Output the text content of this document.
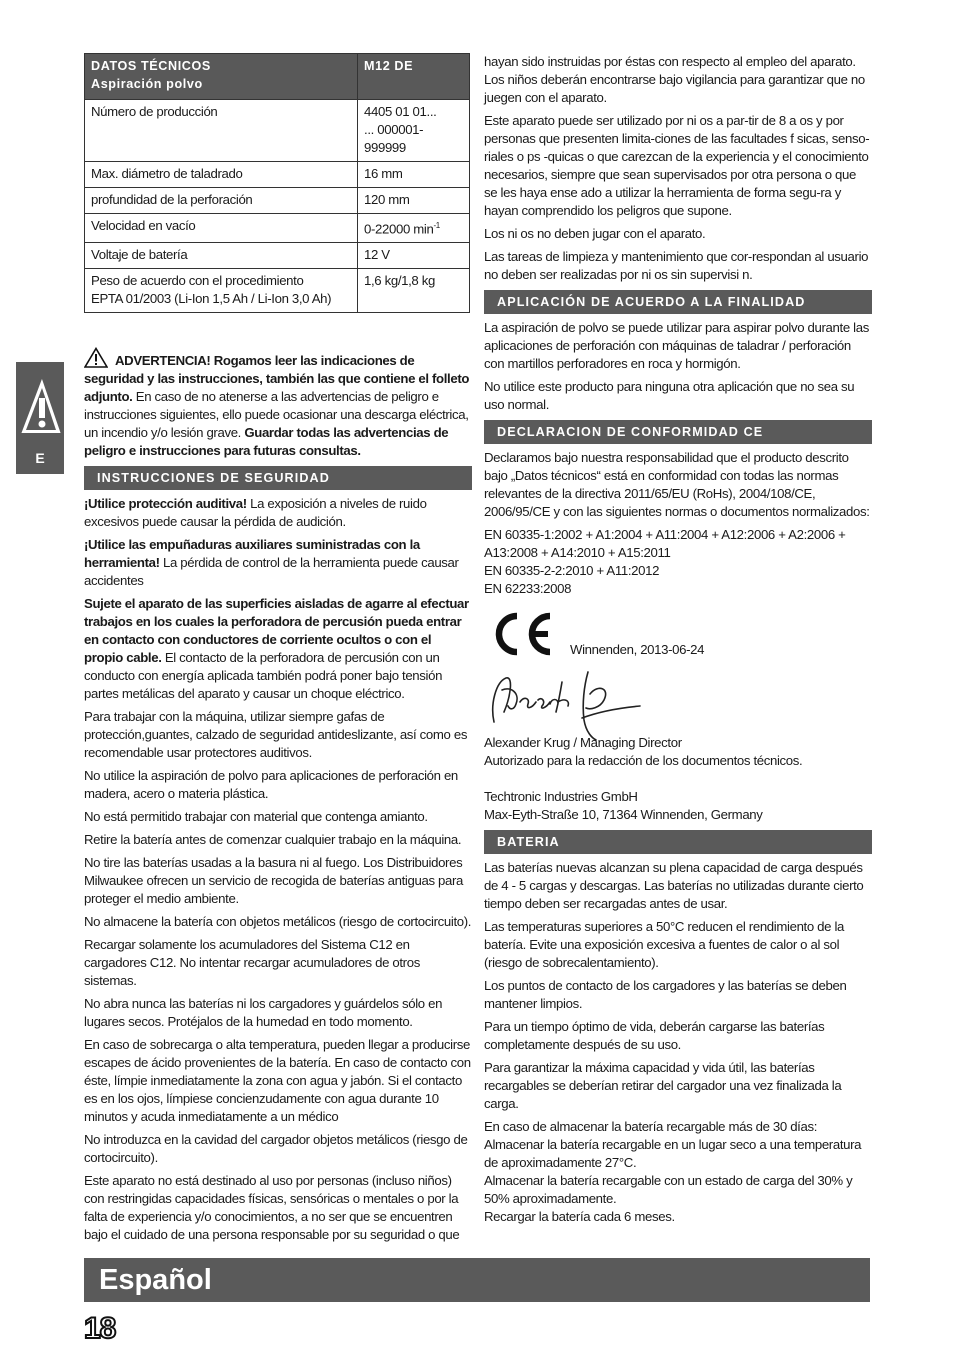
E
DATOS TÉCNICOS
Aspiración polvo	M12 DE
Número de producción	4405 01 01...
... 000001-999999
Max. diámetro de taladrado	16 mm
profundidad de la perforación	120 mm
Velocidad en vacío	0-22000 $\min^{-1}$
Voltaje de batería	12 V
Peso de acuerdo con el procedimiento
EPTA 01/2003 (Li-Ion 1,5 Ah / Li-Ion 3,0 Ah)	1,6 kg/1,8 kg

ADVERTENCIA! Rogamos leer las indicaciones de seguridad y las instrucciones, también las que contiene el folleto adjunto. En caso de no atenerse a las advertencias de peligro e instrucciones siguientes, ello puede ocasionar una descarga eléctrica, un incendio y/o lesión grave. Guardar todas las advertencias de peligro e instrucciones para futuras consultas.

INSTRUCCIONES DE SEGURIDAD

¡Utilice protección auditiva! La exposición a niveles de ruido excesivos puede causar la pérdida de audición.

¡Utilice las empuñaduras auxiliares suministradas con la herramienta! La pérdida de control de la herramienta puede causar accidentes

Sujete el aparato de las superficies aisladas de agarre al efectuar trabajos en los cuales la perforadora de percusión pueda entrar en contacto con conductores de corriente ocultos o con el propio cable. El contacto de la perforadora de percusión con un conducto con energía aplicada también podrá poner bajo tensión partes metálicas del aparato y causar un choque eléctrico.

Para trabajar con la máquina, utilizar siempre gafas de protección,guantes, calzado de seguridad antideslizante, así como es recomendable usar protectores auditivos.

No utilice la aspiración de polvo para aplicaciones de perforación en madera, acero o materia plástica.

No está permitido trabajar con material que contenga amianto.

Retire la batería antes de comenzar cualquier trabajo en la máquina.

No tire las baterías usadas a la basura ni al fuego. Los Distribuidores Milwaukee ofrecen un servicio de recogida de baterías antiguas para proteger el medio ambiente.

No almacene la batería con objetos metálicos (riesgo de cortocircuito).

Recargar solamente los acumuladores del Sistema C12 en cargadores C12. No intentar recargar acumuladores de otros sistemas.

No abra nunca las baterías ni los cargadores y guárdelos sólo en lugares secos. Protéjalos de la humedad en todo momento.

En caso de sobrecarga o alta temperatura, pueden llegar a producirse escapes de ácido provenientes de la batería. En caso de contacto con éste, límpie inmediatamente la zona con agua y jabón. Si el contacto es en los ojos, límpiese concienzudamente con agua durante 10 minutos y acuda inmediatamente a un médico

No introduzca en la cavidad del cargador objetos metálicos (riesgo de cortocircuito).

Este aparato no está destinado al uso por personas (incluso niños) con restringidas capacidades físicas, sensóricas o mentales o por la falta de experiencia y/o conocimientos, a no ser que se encuentren bajo el cuidado de una persona responsable por su seguridad o que

hayan sido instruidas por éstas con respecto al empleo del aparato. Los niños deberán encontrarse bajo vigilancia para garantizar que no juegen con el aparato.

Este aparato puede ser utilizado por ni os a par-tir de 8 a os y por personas que presenten limita-ciones de las facultades f sicas, senso-riales o ps -quicas o que carezcan de la experiencia y el conocimiento necesarios, siempre que sean supervisados por otra persona o que se les haya ense ado a utilizar la herramienta de forma segu-ra y hayan comprendido los peligros que supone.

Los ni os no deben jugar con el aparato.

Las tareas de limpieza y mantenimiento que cor-respondan al usuario no deben ser realizadas por ni os sin supervisi n.

APLICACIÓN DE ACUERDO A LA FINALIDAD

La aspiración de polvo se puede utilizar para aspirar polvo durante las aplicaciones de perforación con máquinas de taladrar / perforación con martillos perforadores en roca y hormigón.

No utilice este producto para ninguna otra aplicación que no sea su uso normal.

DECLARACION DE CONFORMIDAD CE

Declaramos bajo nuestra responsabilidad que el producto descrito bajo „Datos técnicos“ está en conformidad con todas las normas relevantes de la directiva 2011/65/EU (RoHs), 2004/108/CE, 2006/95/CE y con las siguientes normas o documentos normalizados:

EN 60335-1:2002 + A1:2004 + A11:2004 + A12:2006 + A2:2006 + A13:2008 + A14:2010 + A15:2011
EN 60335-2-2:2010 + A11:2012
EN 62233:2008

Winnenden, 2013-06-24

Alexander Krug / Managing Director
Autorizado para la redacción de los documentos técnicos.

Techtronic Industries GmbH
Max-Eyth-Straße 10, 71364 Winnenden, Germany

BATERIA

Las baterías nuevas alcanzan su plena capacidad de carga después de 4 - 5 cargas y descargas. Las baterías no utilizadas durante cierto tiempo deben ser recargadas antes de usar.

Las temperaturas superiores a 50°C reducen el rendimiento de la batería. Evite una exposición excesiva a fuentes de calor o al sol (riesgo de sobrecalentamiento).

Los puntos de contacto de los cargadores y las baterías se deben mantener limpios.

Para un tiempo óptimo de vida, deberán cargarse las baterías completamente después de su uso.

Para garantizar la máxima capacidad y vida útil, las baterías recargables se deberían retirar del cargador una vez finalizada la carga.

En caso de almacenar la batería recargable más de 30 días:
Almacenar la batería recargable en un lugar seco a una temperatura de aproximadamente 27°C.
Almacenar la batería recargable con un estado de carga del 30% y 50% aproximadamente.
Recargar la batería cada 6 meses.

Español
18
